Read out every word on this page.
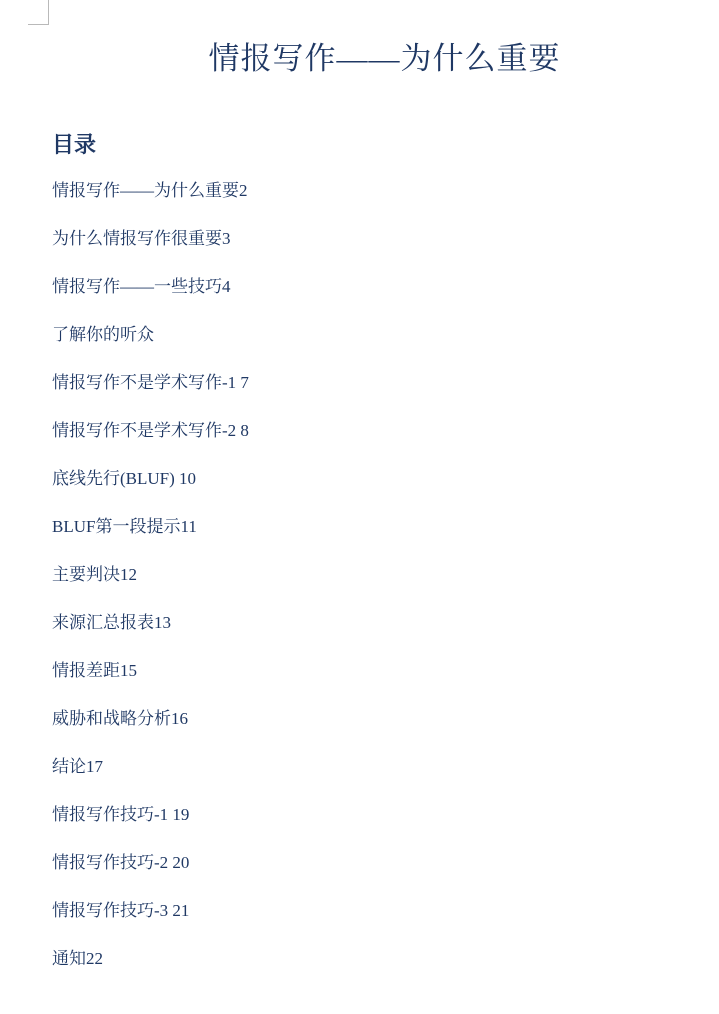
情报写作——为什么重要
目录
情报写作——为什么重要2
为什么情报写作很重要3
情报写作——一些技巧4
了解你的听众
情报写作不是学术写作-1 7
情报写作不是学术写作-2 8
底线先行(BLUF) 10
BLUF第一段提示11
主要判决12
来源汇总报表13
情报差距15
威胁和战略分析16
结论17
情报写作技巧-1 19
情报写作技巧-2 20
情报写作技巧-3 21
通知22
